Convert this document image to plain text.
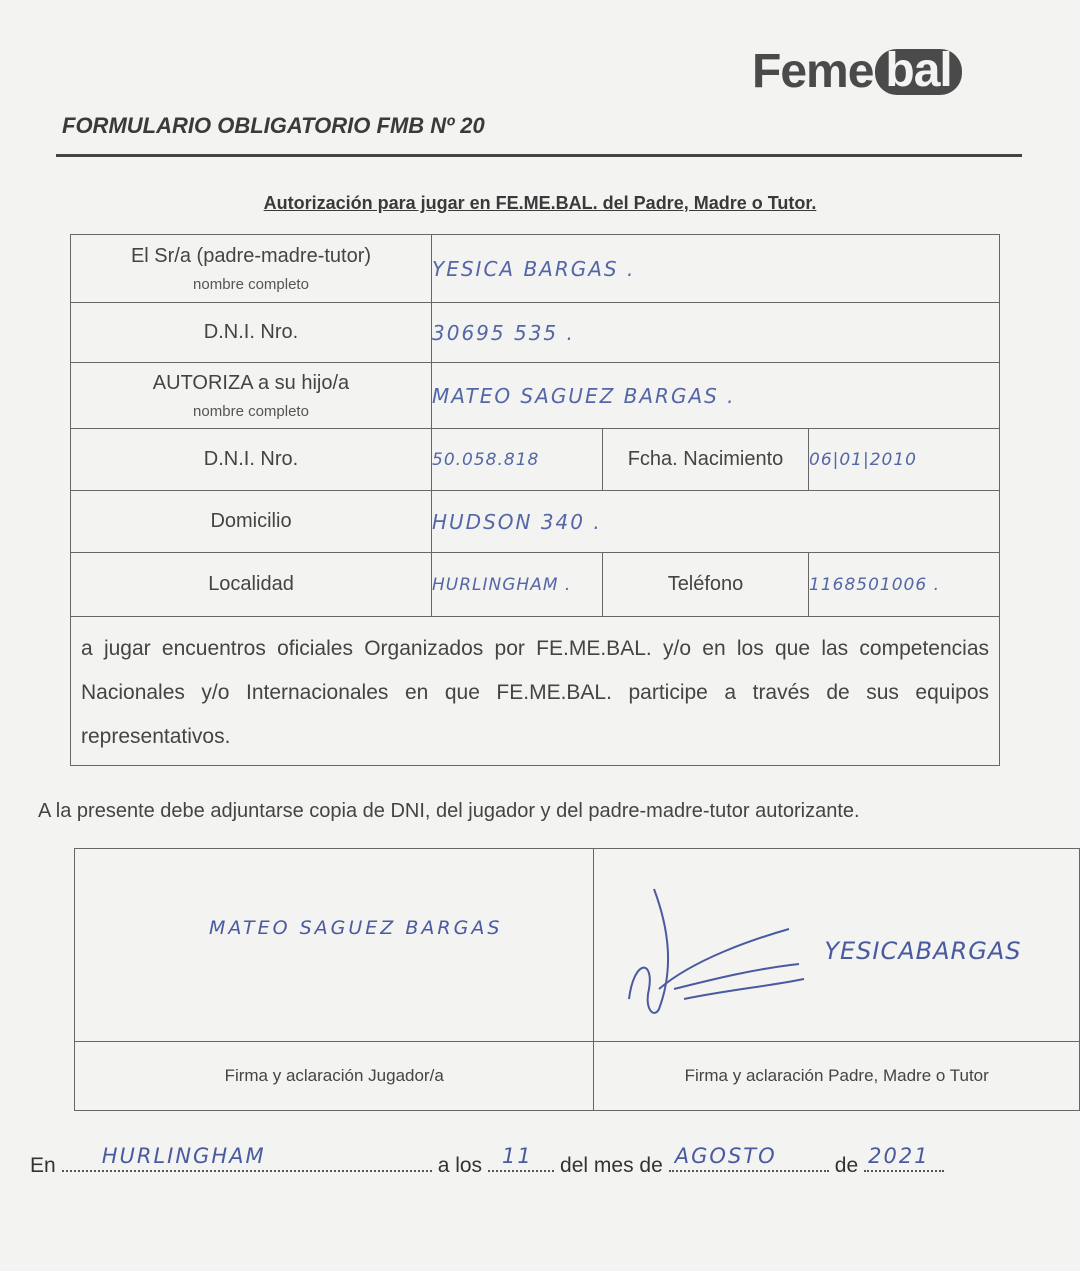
Feme bal
FORMULARIO OBLIGATORIO FMB Nº 20
Autorización para jugar en FE.ME.BAL. del Padre, Madre o Tutor.
El Sr/a (padre-madre-tutor)
nombre completo	YESICA BARGAS .		
D.N.I. Nro.	30695 535 .		
AUTORIZA a su hijo/a
nombre completo	MATEO SAGUEZ BARGAS .		
D.N.I. Nro.	50.058.818	Fcha. Nacimiento	06|01|2010
Domicilio	HUDSON 340 .		
Localidad	HURLINGHAM .	Teléfono	1168501006 .
a jugar encuentros oficiales Organizados por FE.ME.BAL. y/o en los que las competencias Nacionales y/o Internacionales en que FE.ME.BAL. participe a través de sus equipos representativos.			
A la presente debe adjuntarse copia de DNI, del jugador y del padre-madre-tutor autorizante.
MATEO SAGUEZ BARGAS	YESICABARGAS

Firma y aclaración Jugador/a	Firma y aclaración Padre, Madre o Tutor
En HURLINGHAM	a los 11 del mes de AGOSTO	de 2021
